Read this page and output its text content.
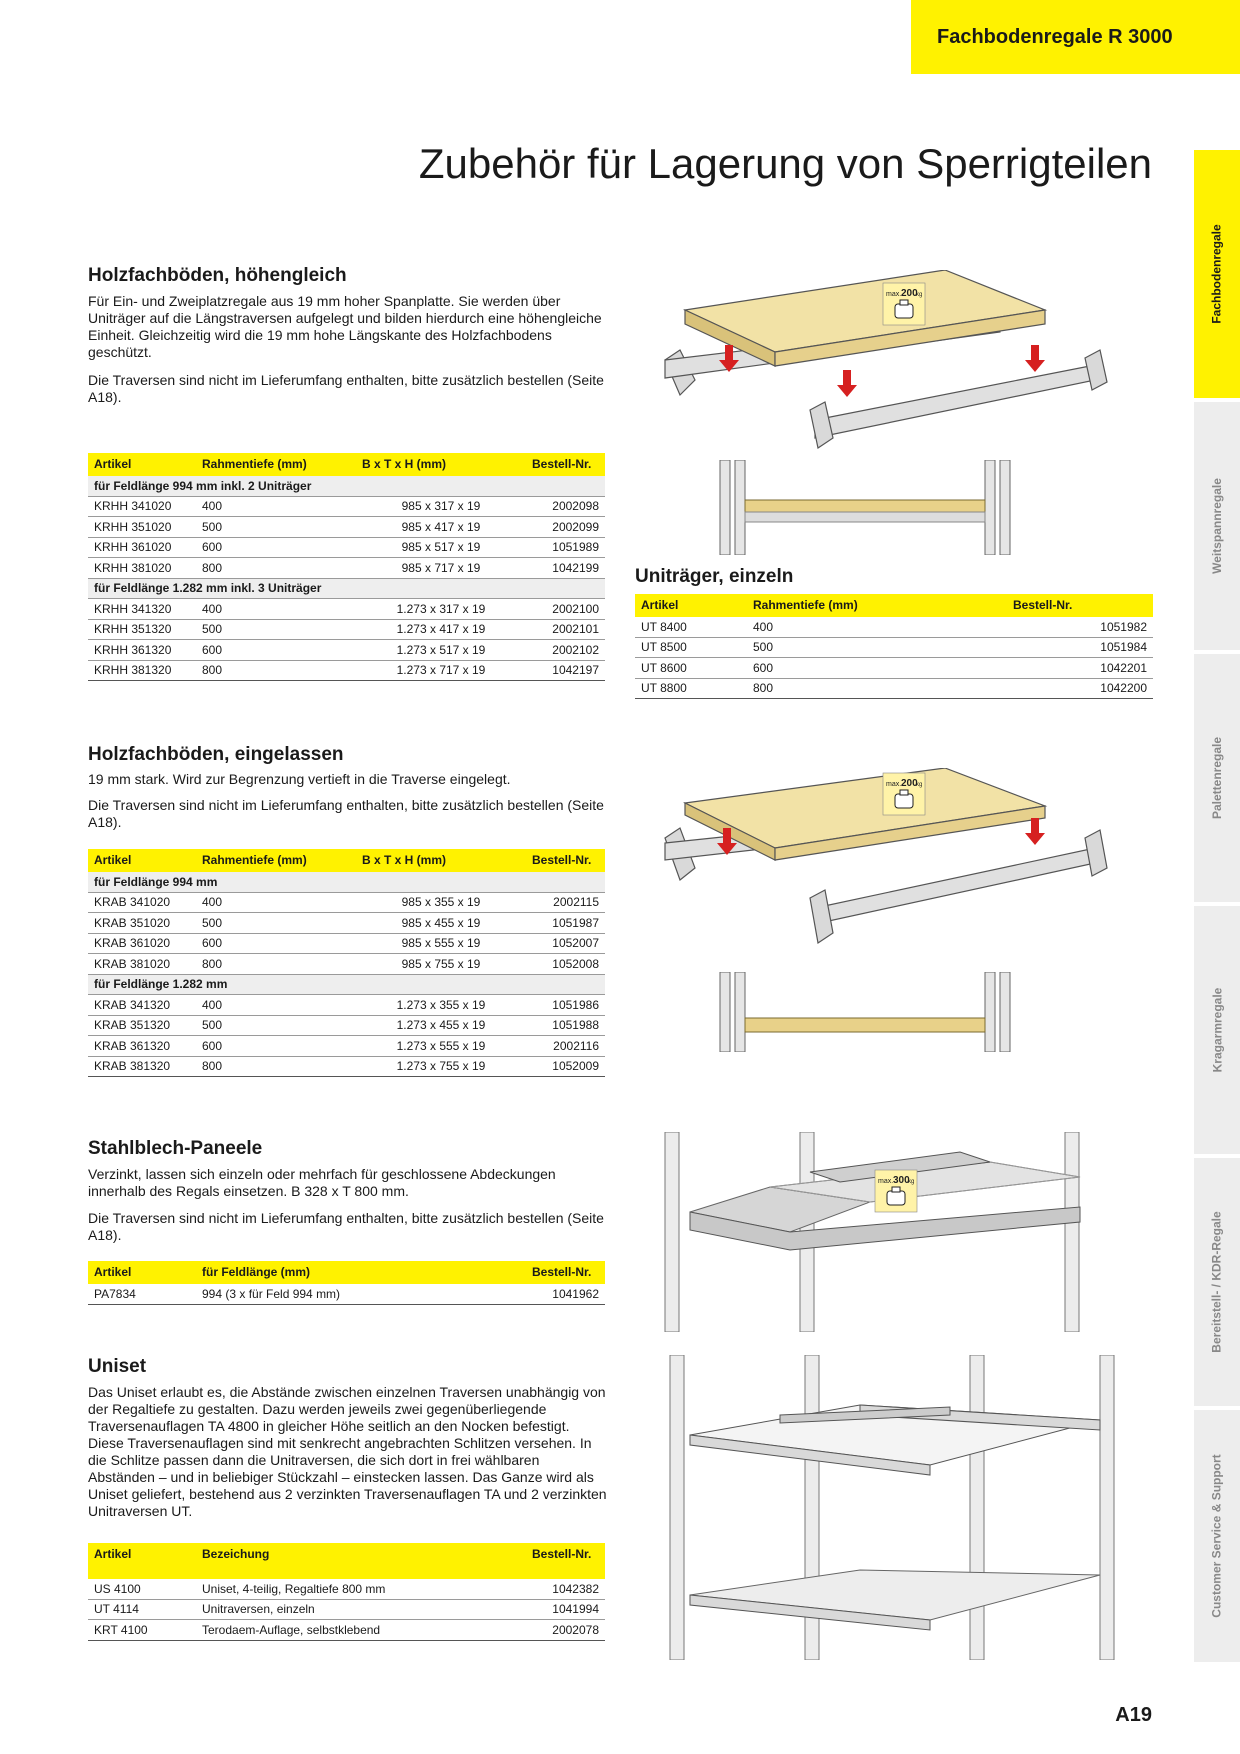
Fachbodenregale R 3000
Zubehör für Lagerung von Sperrigteilen
Fachbodenregale
Weitspannregale
Palettenregale
Kragarmregale
Bereitstell- / KDR-Regale
Customer Service & Support
Holzfachböden, höhengleich

Für Ein- und Zweiplatzregale aus 19 mm hoher Spanplatte. Sie werden über Uniträger auf die Längstraversen aufgelegt und bilden hierdurch eine höhengleiche Einheit. Gleichzeitig wird die 19 mm hohe Längskante des Holzfachbodens geschützt.

Die Traversen sind nicht im Lieferumfang enthalten, bitte zusätzlich bestellen (Seite A18).

Artikel	Rahmentiefe (mm)	B x T x H (mm)	Bestell-Nr.
für Feldlänge 994 mm inkl. 2 Uniträger			
KRHH 341020	400	985 x 317 x 19	2002098
KRHH 351020	500	985 x 417 x 19	2002099
KRHH 361020	600	985 x 517 x 19	1051989
KRHH 381020	800	985 x 717 x 19	1042199
für Feldlänge 1.282 mm inkl. 3 Uniträger			
KRHH 341320	400	1.273 x 317 x 19	2002100
KRHH 351320	500	1.273 x 417 x 19	2002101
KRHH 361320	600	1.273 x 517 x 19	2002102
KRHH 381320	800	1.273 x 717 x 19	1042197
max. 200
kg
Uniträger, einzeln
Artikel	Rahmentiefe (mm)	Bestell-Nr.
UT 8400	400	1051982
UT 8500	500	1051984
UT 8600	600	1042201
UT 8800	800	1042200
Holzfachböden, eingelassen

19 mm stark. Wird zur Begrenzung vertieft in die Traverse eingelegt.

Die Traversen sind nicht im Lieferumfang enthalten, bitte zusätzlich bestellen (Seite A18).

Artikel	Rahmentiefe (mm)	B x T x H (mm)	Bestell-Nr.
für Feldlänge 994 mm			
KRAB 341020	400	985 x 355 x 19	2002115
KRAB 351020	500	985 x 455 x 19	1051987
KRAB 361020	600	985 x 555 x 19	1052007
KRAB 381020	800	985 x 755 x 19	1052008
für Feldlänge 1.282 mm			
KRAB 341320	400	1.273 x 355 x 19	1051986
KRAB 351320	500	1.273 x 455 x 19	1051988
KRAB 361320	600	1.273 x 555 x 19	2002116
KRAB 381320	800	1.273 x 755 x 19	1052009
max. 200
kg
Stahlblech-Paneele

Verzinkt, lassen sich einzeln oder mehrfach für geschlossene Abdeckungen innerhalb des Regals einsetzen. B 328 x T 800 mm.

Die Traversen sind nicht im Lieferumfang enthalten, bitte zusätzlich bestellen (Seite A18).

Artikel	für Feldlänge (mm)	Bestell-Nr.
PA7834	994 (3 x für Feld 994 mm)	1041962
max. 300
kg
Uniset

Das Uniset erlaubt es, die Abstände zwischen einzelnen Traversen unabhängig von der Regaltiefe zu gestalten. Dazu werden jeweils zwei gegenüberliegende Traversenauflagen TA 4800 in gleicher Höhe seitlich an den Nocken befestigt. Diese Traversenauflagen sind mit senkrecht angebrachten Schlitzen versehen. In die Schlitze passen dann die Unitraversen, die sich dort in frei wählbaren Abständen – und in beliebiger Stückzahl – einstecken lassen. Das Ganze wird als Uniset geliefert, bestehend aus 2 verzinkten Traversenauflagen TA und 2 verzinkten Unitraversen UT.

Artikel	Bezeichung	Bestell-Nr.
US 4100	Uniset, 4-teilig, Regaltiefe 800 mm	1042382
UT 4114	Unitraversen, einzeln	1041994
KRT 4100	Terodaem-Auflage, selbstklebend	2002078
A19
